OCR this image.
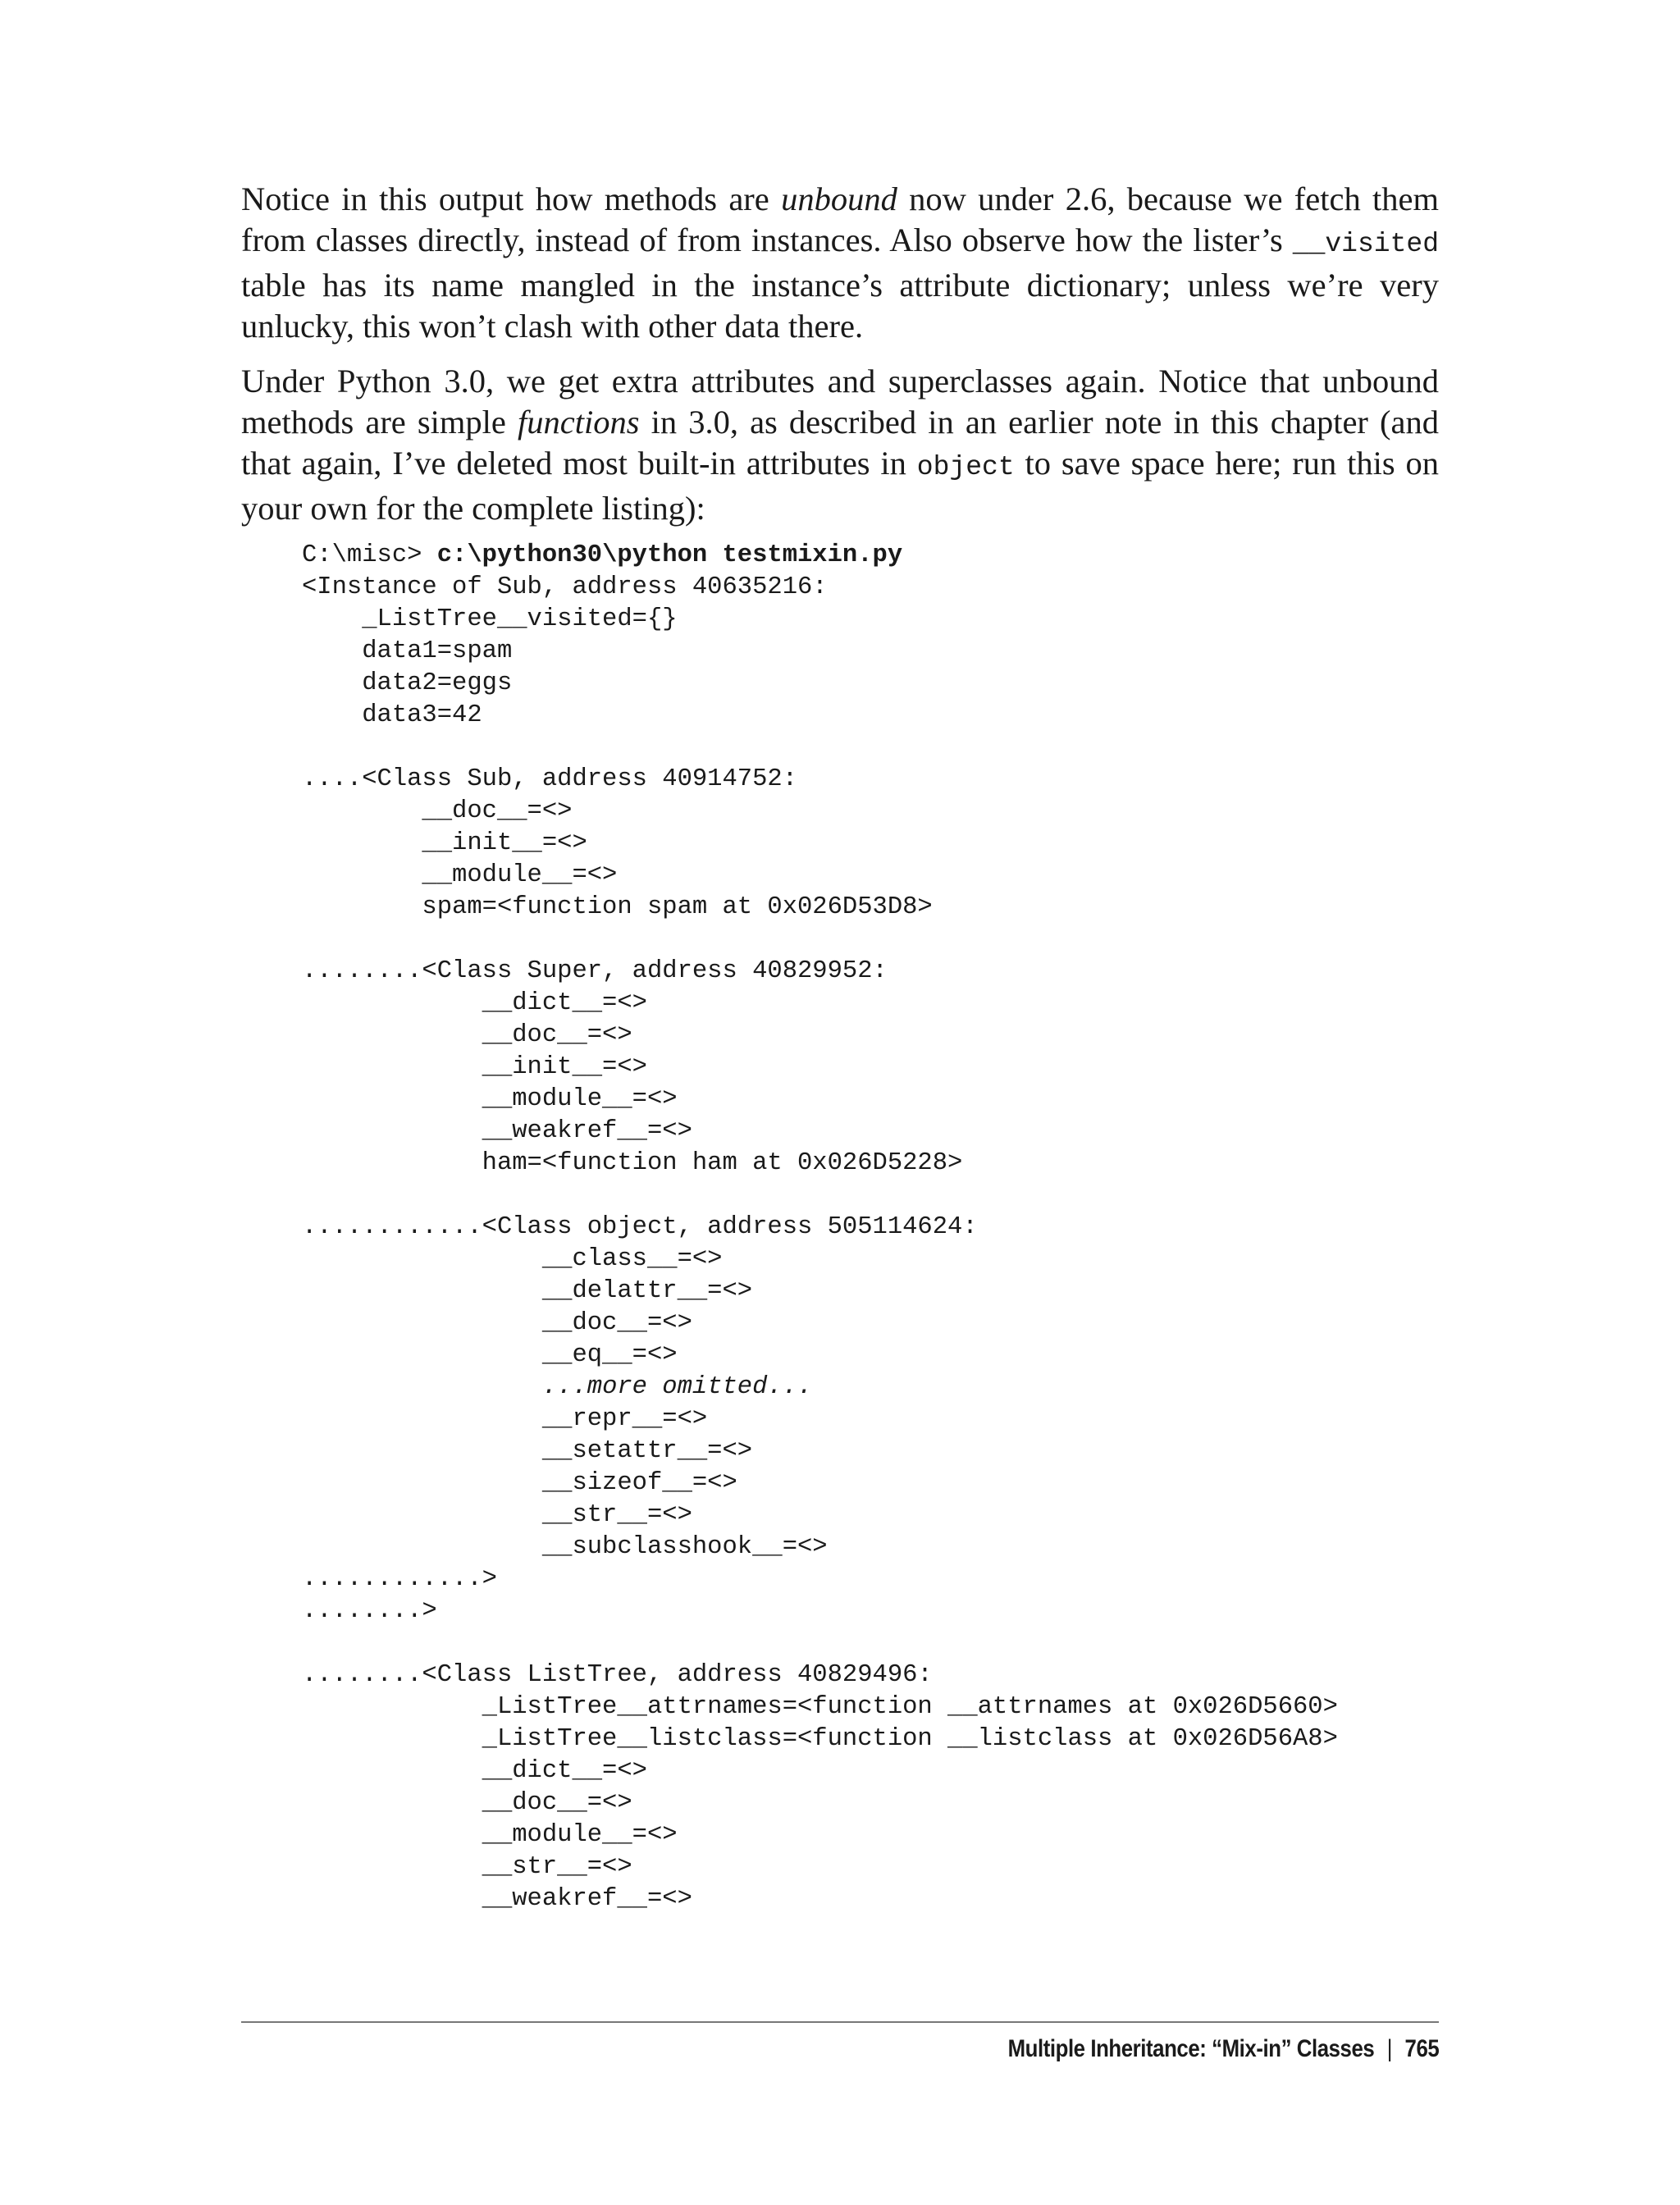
Notice in this output how methods are unbound now under 2.6, because we fetch them from classes directly, instead of from instances. Also observe how the lister’s __visited table has its name mangled in the instance’s attribute dictionary; unless we’re very unlucky, this won’t clash with other data there.

Under Python 3.0, we get extra attributes and superclasses again. Notice that unbound methods are simple functions in 3.0, as described in an earlier note in this chapter (and that again, I’ve deleted most built-in attributes in object to save space here; run this on your own for the complete listing):

C:\misc> c:\python30\python testmixin.py
<Instance of Sub, address 40635216:
_ListTree__visited={}
data1=spam
data2=eggs
data3=42
....<Class Sub, address 40914752:
__doc__=<>
__init__=<>
__module__=<>
spam=<function spam at 0x026D53D8>
........<Class Super, address 40829952:
__dict__=<>
__doc__=<>
__init__=<>
__module__=<>
__weakref__=<>
ham=<function ham at 0x026D5228>
............<Class object, address 505114624:
__class__=<>
__delattr__=<>
__doc__=<>
__eq__=<>
...more omitted...
__repr__=<>
__setattr__=<>
__sizeof__=<>
__str__=<>
__subclasshook__=<>
............>
........>
........<Class ListTree, address 40829496:
_ListTree__attrnames=<function __attrnames at 0x026D5660>
_ListTree__listclass=<function __listclass at 0x026D56A8>
__dict__=<>
__doc__=<>
__module__=<>
__str__=<>
__weakref__=<>
Multiple Inheritance: “Mix-in” Classes | 765
